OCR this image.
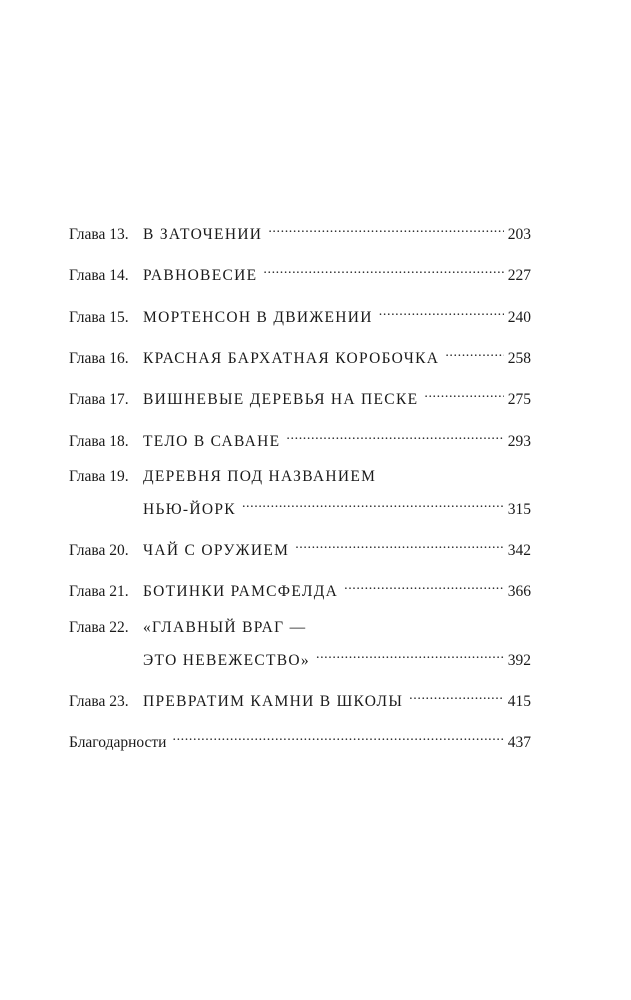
Глава 13. В ЗАТОЧЕНИИ .....	203
Глава 14. РАВНОВЕСИЕ .....	227
Глава 15. МОРТЕНСОН В ДВИЖЕНИИ .....	240
Глава 16. КРАСНАЯ БАРХАТНАЯ КОРОБОЧКА .....	258
Глава 17. ВИШНЕВЫЕ ДЕРЕВЬЯ НА ПЕСКЕ .....	275
Глава 18. ТЕЛО В САВАНЕ .....	293
Глава 19. ДЕРЕВНЯ ПОД НАЗВАНИЕМ
НЬЮ-ЙОРК .....	315
Глава 20. ЧАЙ С ОРУЖИЕМ .....	342
Глава 21. БОТИНКИ РАМСФЕЛДА .....	366
Глава 22. «ГЛАВНЫЙ ВРАГ —
ЭТО НЕВЕЖЕСТВО» .....	392
Глава 23. ПРЕВРАТИМ КАМНИ В ШКОЛЫ .....	415
Благодарности .....	437
